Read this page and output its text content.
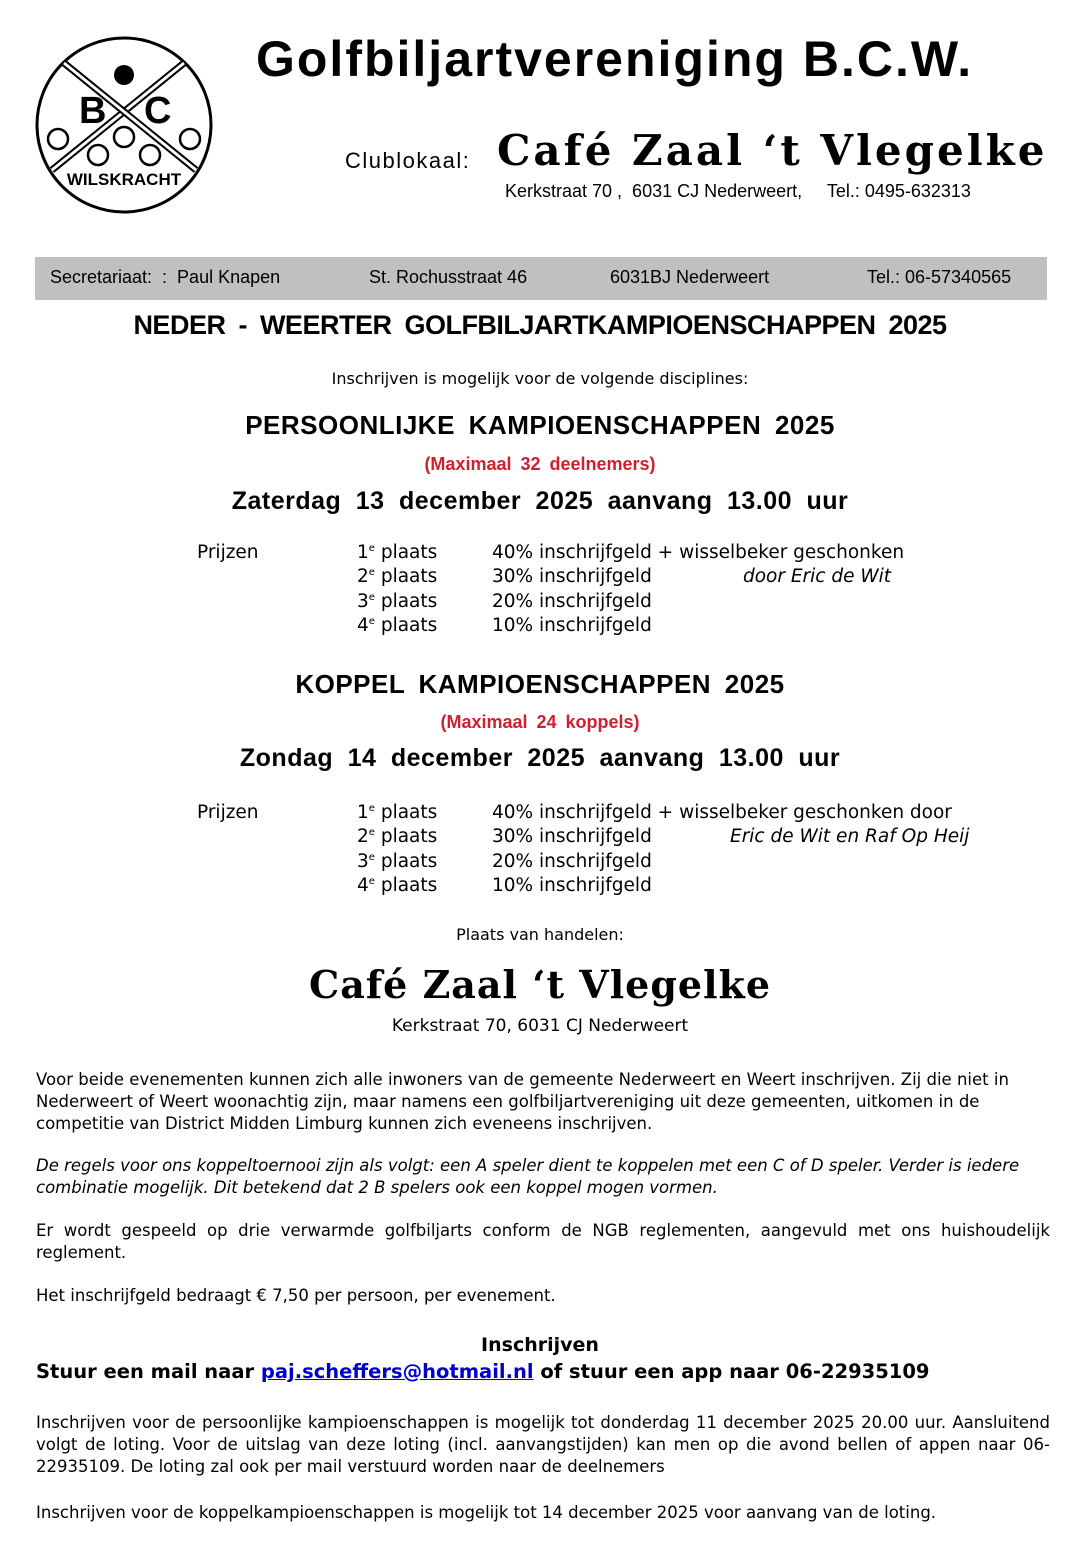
B C
WILSKRACHT
Golfbiljartvereniging B.C.W.
Clublokaal: Café Zaal ‘t Vlegelke
Kerkstraat 70 ,  6031 CJ Nederweert,     Tel.: 0495-632313
Secretariaat:  :  Paul Knapen	St. Rochusstraat 46	6031BJ Nederweert	Tel.: 06-57340565
NEDER - WEERTER GOLFBILJARTKAMPIOENSCHAPPEN 2025
Inschrijven is mogelijk voor de volgende disciplines:
PERSOONLIJKE KAMPIOENSCHAPPEN 2025
(Maximaal 32 deelnemers)
Zaterdag 13 december 2025 aanvang 13.00 uur
Prijzen	1e plaats	40% inschrijfgeld + wisselbeker geschonken
2e plaats	30% inschrijfgeld	door Eric de Wit
3e plaats	20% inschrijfgeld
4e plaats	10% inschrijfgeld
KOPPEL KAMPIOENSCHAPPEN 2025
(Maximaal 24 koppels)
Zondag 14 december 2025 aanvang 13.00 uur
Prijzen	1e plaats	40% inschrijfgeld + wisselbeker geschonken door
2e plaats	30% inschrijfgeld	Eric de Wit en Raf Op Heij
3e plaats	20% inschrijfgeld
4e plaats	10% inschrijfgeld
Plaats van handelen:
Café Zaal ‘t Vlegelke
Kerkstraat 70, 6031 CJ Nederweert
Voor beide evenementen kunnen zich alle inwoners van de gemeente Nederweert en Weert inschrijven. Zij die niet in Nederweert of Weert woonachtig zijn, maar namens een golfbiljartvereniging uit deze gemeenten, uitkomen in de competitie van District Midden Limburg kunnen zich eveneens inschrijven.
De regels voor ons koppeltoernooi zijn als volgt: een A speler dient te koppelen met een C of D speler. Verder is iedere combinatie mogelijk. Dit betekend dat 2 B spelers ook een koppel mogen vormen.
Er wordt gespeeld op drie verwarmde golfbiljarts conform de NGB reglementen, aangevuld met ons huishoudelijk reglement.
Het inschrijfgeld bedraagt € 7,50 per persoon, per evenement.
Inschrijven
Stuur een mail naar paj.scheffers@hotmail.nl of stuur een app naar 06-22935109
Inschrijven voor de persoonlijke kampioenschappen is mogelijk tot donderdag 11 december 2025 20.00 uur. Aansluitend volgt de loting. Voor de uitslag van deze loting (incl. aanvangstijden) kan men op die avond bellen of appen naar 06-22935109. De loting zal ook per mail verstuurd worden naar de deelnemers
Inschrijven voor de koppelkampioenschappen is mogelijk tot 14 december 2025 voor aanvang van de loting.
